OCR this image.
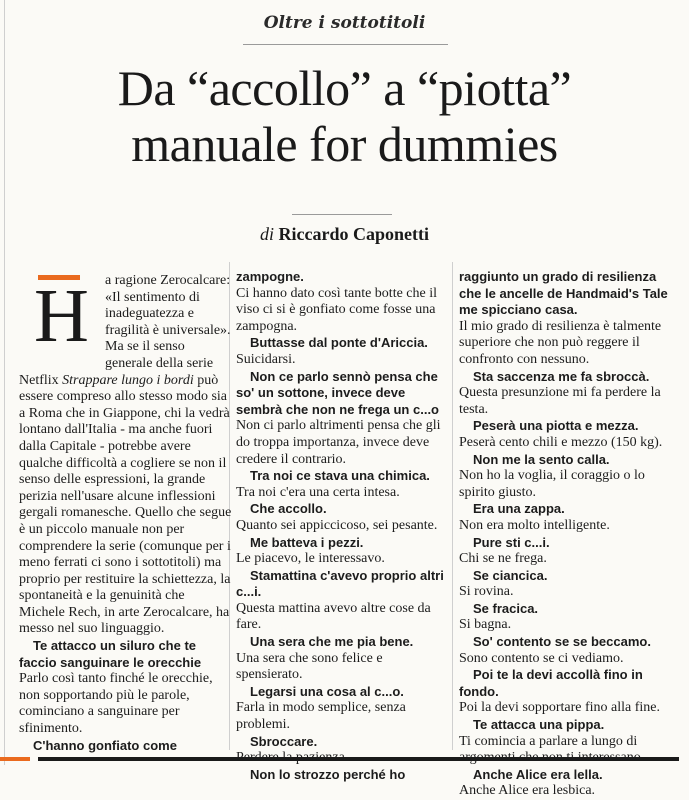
Oltre i sottotitoli
Da “accollo” a “piotta”
manuale for dummies
di Riccardo Caponetti
H	a ragione Zerocalcare: «Il sentimento di inadeguatezza e fragilità è universale». Ma se il senso generale della serie Netflix Strappare lungo i bordi può essere compreso allo stesso modo sia a Roma che in Giappone, chi la vedrà lontano dall'Italia - ma anche fuori dalla Capitale - potrebbe avere qualche difficoltà a cogliere se non il senso delle espressioni, la grande perizia nell'usare alcune inflessioni gergali romanesche. Quello che segue è un piccolo manuale non per comprendere la serie (comunque per i meno ferrati ci sono i sottotitoli) ma proprio per restituire la schiettezza, la spontaneità e la genuinità che Michele Rech, in arte Zerocalcare, ha messo nel suo linguaggio.

Te attacco un siluro che te faccio sanguinare le orecchie

Parlo così tanto finché le orecchie, non sopportando più le parole, cominciano a sanguinare per sfinimento.

C'hanno gonfiato come

zampogne.

Ci hanno dato così tante botte che il viso ci si è gonfiato come fosse una zampogna.

Buttasse dal ponte d'Ariccia.

Suicidarsi.

Non ce parlo sennò pensa che so' un sottone, invece deve sembrà che non ne frega un c...o

Non ci parlo altrimenti pensa che gli do troppa importanza, invece deve credere il contrario.

Tra noi ce stava una chimica.

Tra noi c'era una certa intesa.

Che accollo.

Quanto sei appiccicoso, sei pesante.

Me batteva i pezzi.

Le piacevo, le interessavo.

Stamattina c'avevo proprio altri c...i.

Questa mattina avevo altre cose da fare.

Una sera che me pia bene.

Una sera che sono felice e spensierato.

Legarsi una cosa al c...o.

Farla in modo semplice, senza problemi.

Sbroccare.

Non lo strozzo perché ho

raggiunto un grado di resilienza che le ancelle de Handmaid's Tale me spicciano casa.

Il mio grado di resilienza è talmente superiore che non può reggere il confronto con nessuno.

Sta saccenza me fa sbroccà.

Questa presunzione mi fa perdere la testa.

Peserà una piotta e mezza.

Peserà cento chili e mezzo (150 kg).

Non me la sento calla.

Non ho la voglia, il coraggio o lo spirito giusto.

Era una zappa.

Non era molto intelligente.

Pure sti c...i.

Chi se ne frega.

Se ciancica.

Si rovina.

Se fracica.

Si bagna.

So' contento se se beccamo.

Sono contento se ci vediamo.

Poi te la devi accollà fino in fondo.

Poi la devi sopportare fino alla fine.

Te attacca una pippa.

Ti comincia a parlare a lungo di

Anche Alice era lella.

Anche Alice era lesbica.
